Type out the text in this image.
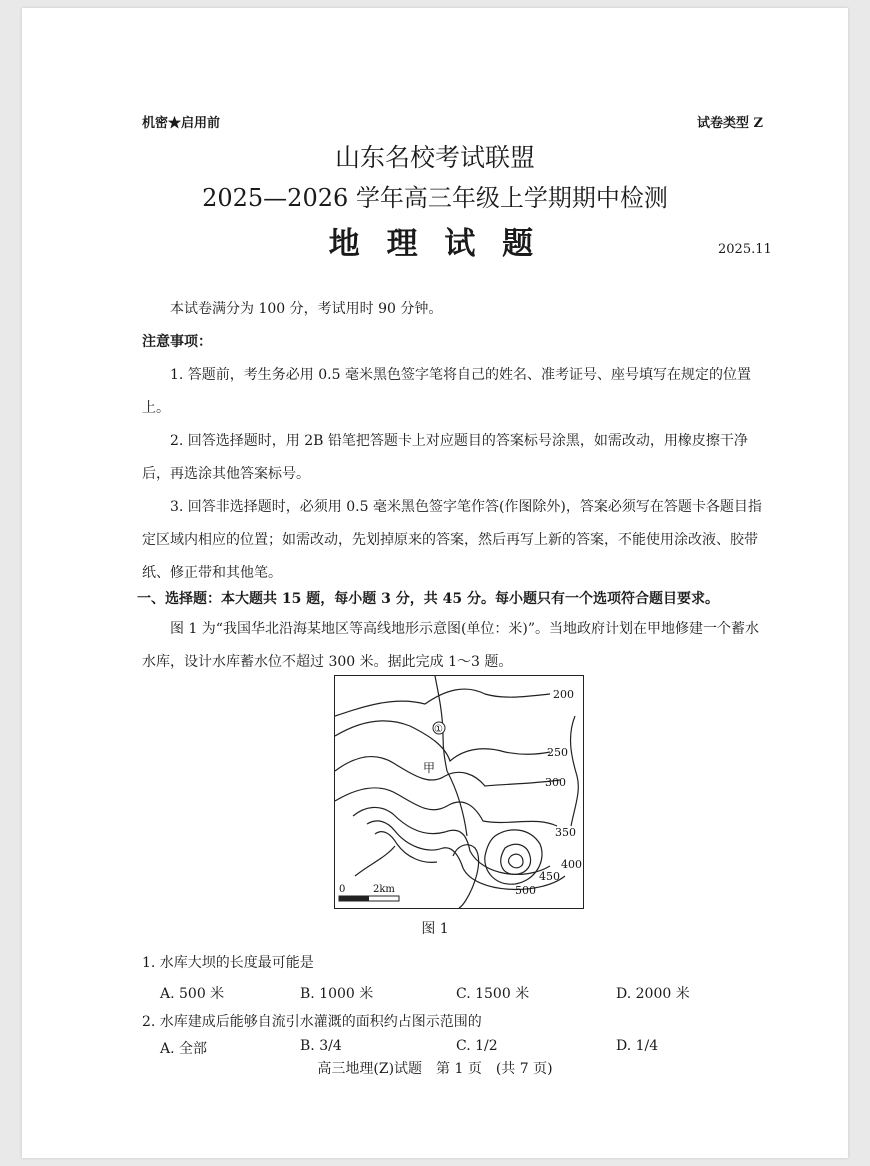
机密★启用前	试卷类型 Z
山东名校考试联盟
2025—2026 学年高三年级上学期期中检测
地 理 试 题	2025.11
本试卷满分为 100 分，考试用时 90 分钟。
注意事项：
1. 答题前，考生务必用 0.5 毫米黑色签字笔将自己的姓名、准考证号、座号填写在规定的位置上。
2. 回答选择题时，用 2B 铅笔把答题卡上对应题目的答案标号涂黑，如需改动，用橡皮擦干净后，再选涂其他答案标号。
3. 回答非选择题时，必须用 0.5 毫米黑色签字笔作答(作图除外)，答案必须写在答题卡各题目指定区域内相应的位置；如需改动，先划掉原来的答案，然后再写上新的答案，不能使用涂改液、胶带纸、修正带和其他笔。
一、选择题：本大题共 15 题，每小题 3 分，共 45 分。每小题只有一个选项符合题目要求。
图 1 为“我国华北沿海某地区等高线地形示意图(单位：米)”。当地政府计划在甲地修建一个蓄水水库，设计水库蓄水位不超过 300 米。据此完成 1～3 题。
200
250
300
350
400
450
500
①
甲
0	2km
图 1
1. 水库大坝的长度最可能是
A. 500 米	B. 1000 米	C. 1500 米	D. 2000 米
2. 水库建成后能够自流引水灌溉的面积约占图示范围的
A. 全部	B. 3/4	C. 1/2	D. 1/4
高三地理(Z)试题　第 1 页　(共 7 页)
